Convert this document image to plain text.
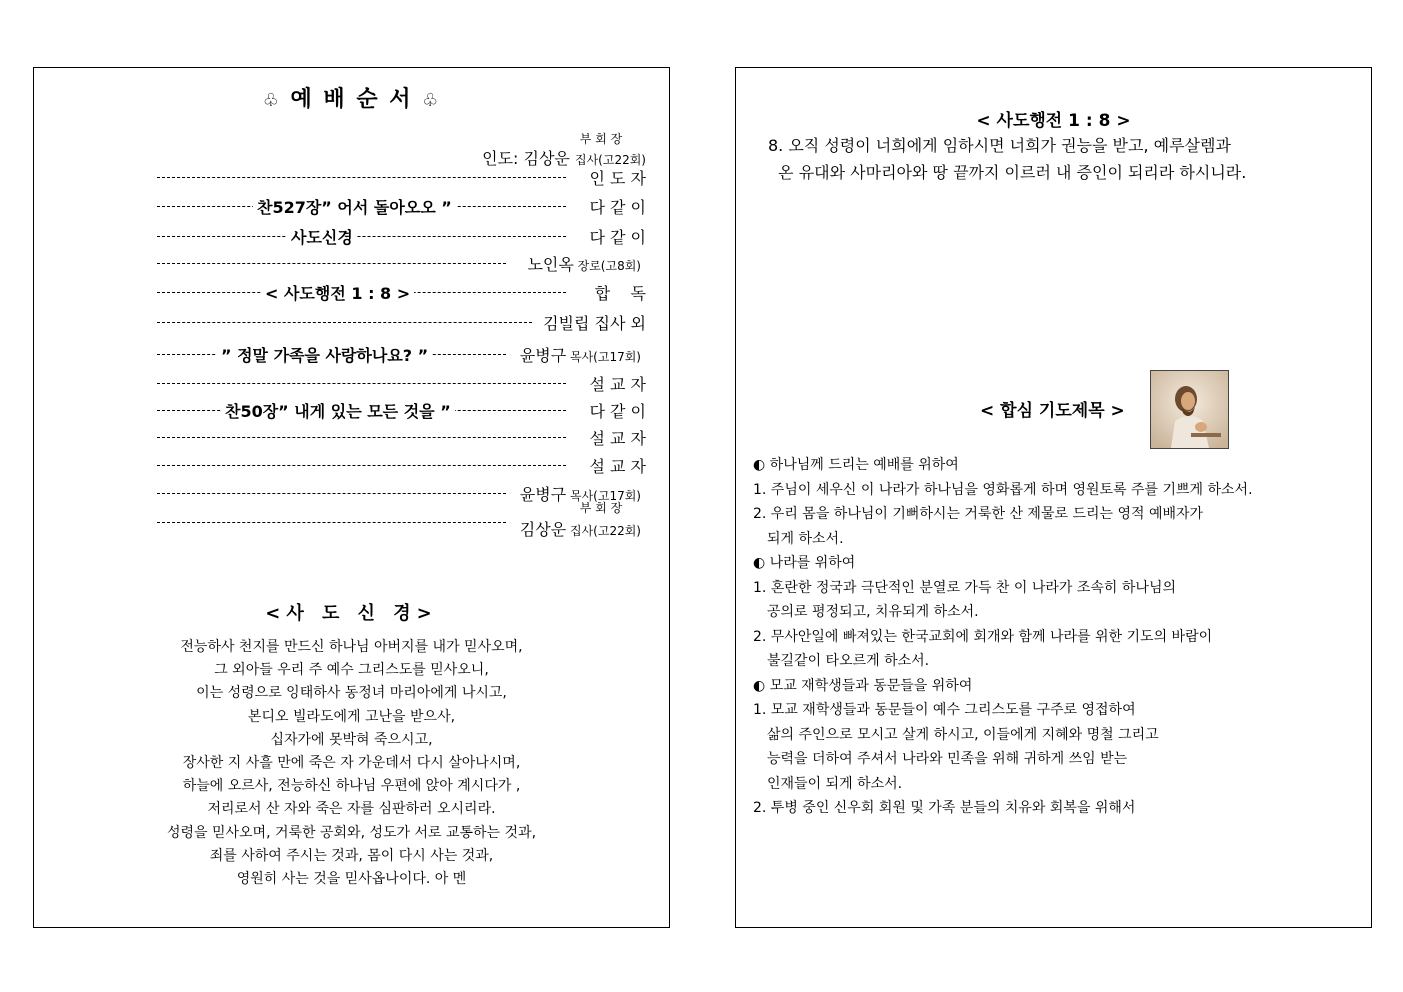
♧ 예 배 순 서 ♧
부 회 장
인도: 김상운 집사(고22회)
인 도 자
다 같 이
찬527장” 어서 돌아오오 ”
다 같 이
사도신경
노인옥 장로(고8회)
합    독
< 사도행전 1 : 8 >
김빌립 집사 외
윤병구 목사(고17회)
” 정말 가족을 사랑하나요? ”
설 교 자
다 같 이
찬50장” 내게 있는 모든 것을 ”
설 교 자
설 교 자
윤병구 목사(고17회)
부 회 장
김상운 집사(고22회)
<사 도 신 경>
전능하사 천지를 만드신 하나님 아버지를 내가 믿사오며,
그 외아들 우리 주 예수 그리스도를 믿사오니,
이는 성령으로 잉태하사 동정녀 마리아에게 나시고,
본디오 빌라도에게 고난을 받으사,
십자가에 못박혀 죽으시고,
장사한 지 사흘 만에 죽은 자 가운데서 다시 살아나시며,
하늘에 오르사, 전능하신 하나님 우편에 앉아 계시다가 ,
저리로서 산 자와 죽은 자를 심판하러 오시리라.
성령을 믿사오며, 거룩한 공회와, 성도가 서로 교통하는 것과,
죄를 사하여 주시는 것과, 몸이 다시 사는 것과,
영원히 사는 것을 믿사옵나이다. 아 멘
< 사도행전 1 : 8 >
8. 오직 성령이 너희에게 임하시면 너희가 권능을 받고, 예루살렘과
온 유대와 사마리아와 땅 끝까지 이르러 내 증인이 되리라 하시니라.
< 합심 기도제목 >
◐ 하나님께 드리는 예배를 위하여
1. 주님이 세우신 이 나라가 하나님을 영화롭게 하며 영원토록 주를 기쁘게 하소서.
2. 우리 몸을 하나님이 기뻐하시는 거룩한 산 제물로 드리는 영적 예배자가
되게 하소서.
◐ 나라를 위하여
1. 혼란한 정국과 극단적인 분열로 가득 찬 이 나라가 조속히 하나님의
공의로 평정되고, 치유되게 하소서.
2. 무사안일에 빠져있는 한국교회에 회개와 함께 나라를 위한 기도의 바람이
불길같이 타오르게 하소서.
◐ 모교 재학생들과 동문들을 위하여
1. 모교 재학생들과 동문들이 예수 그리스도를 구주로 영접하여
삶의 주인으로 모시고 살게 하시고, 이들에게 지혜와 명철 그리고
능력을 더하여 주셔서 나라와 민족을 위해 귀하게 쓰임 받는
인재들이 되게 하소서.
2. 투병 중인 신우회 회원 및 가족 분들의 치유와 회복을 위해서
